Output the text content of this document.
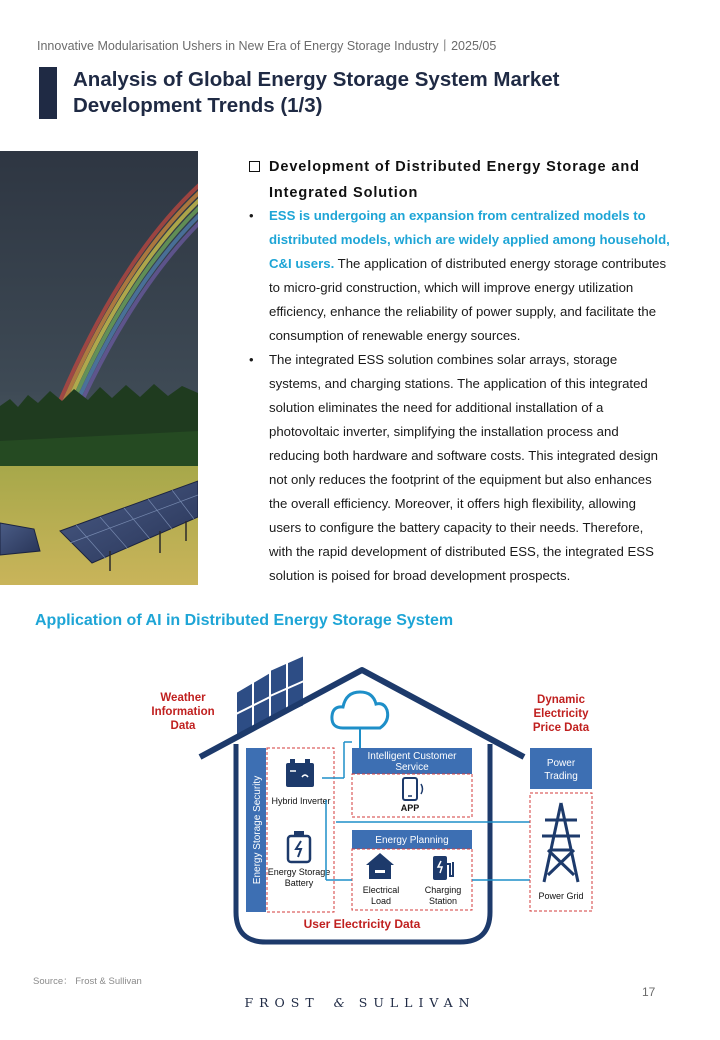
Innovative Modularisation Ushers in New Era of Energy Storage Industry丨2025/05
Analysis of Global Energy Storage System Market
Development Trends (1/3)
Development of Distributed Energy Storage and
Integrated Solution
• ESS is undergoing an expansion from centralized models to
distributed models, which are widely applied among household,
C&I users. The application of distributed energy storage contributes
to micro-grid construction, which will improve energy utilization
efficiency, enhance the reliability of power supply, and facilitate the
consumption of renewable energy sources.
• The integrated ESS solution combines solar arrays, storage
systems, and charging stations. The application of this integrated
solution eliminates the need for additional installation of a
photovoltaic inverter, simplifying the installation process and
reducing both hardware and software costs. This integrated design
not only reduces the footprint of the equipment but also enhances
the overall efficiency. Moreover, it offers high flexibility, allowing
users to configure the battery capacity to their needs. Therefore,
with the rapid development of distributed ESS, the integrated ESS
solution is poised for broad development prospects.
Application of AI in Distributed Energy Storage System
Energy Storage Security Hybrid Inverter
Energy Storage
Battery
Intelligent Customer
Service
APP
Energy Planning
Electrical
Load
Charging
Station
Power
Trading
Power Grid
Weather
Information
Data
Dynamic
Electricity
Price Data
User Electricity Data
Source： Frost & Sullivan
17
FROST & SULLIVAN
